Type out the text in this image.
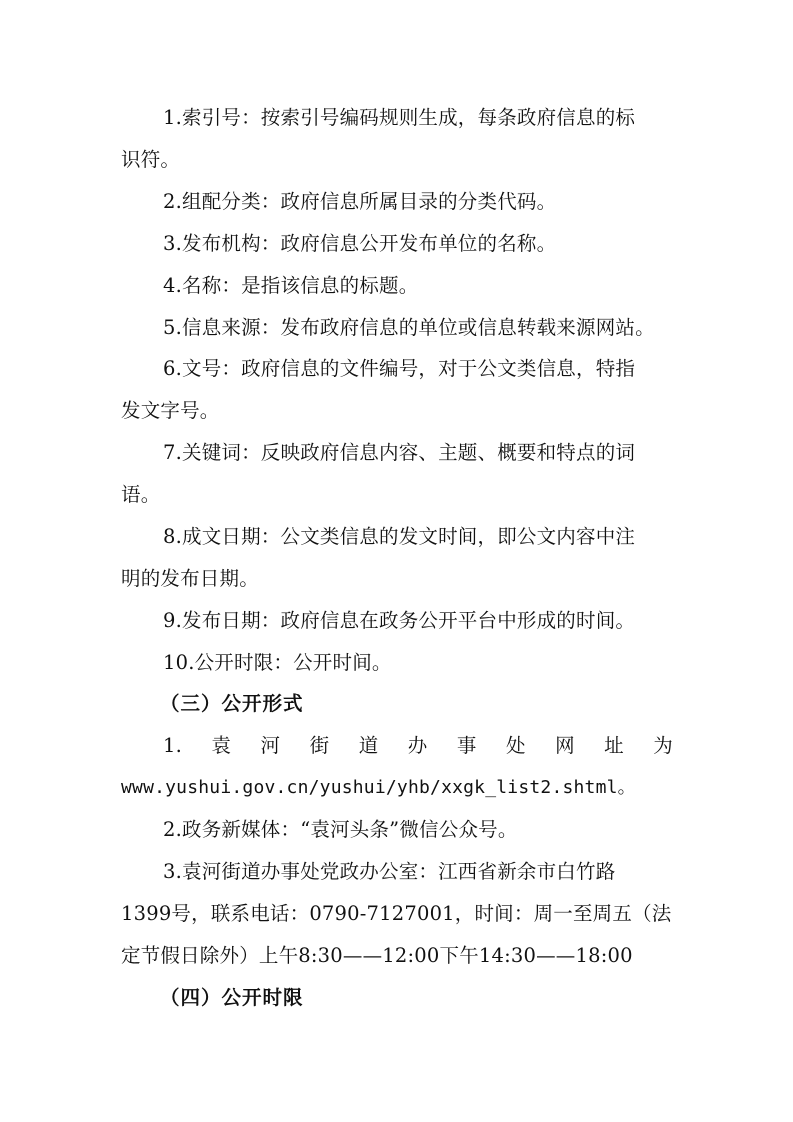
1.索引号：按索引号编码规则生成，每条政府信息的标
识符。
2.组配分类：政府信息所属目录的分类代码。
3.发布机构：政府信息公开发布单位的名称。
4.名称：是指该信息的标题。
5.信息来源：发布政府信息的单位或信息转载来源网站。
6.文号：政府信息的文件编号，对于公文类信息，特指
发文字号。
7.关键词：反映政府信息内容、主题、概要和特点的词
语。
8.成文日期：公文类信息的发文时间，即公文内容中注
明的发布日期。
9.发布日期：政府信息在政务公开平台中形成的时间。
10.公开时限：公开时间。
（三）公开形式
1. 袁 河 街 道 办 事 处 网 址 为
www.yushui.gov.cn/yushui/yhb/xxgk_list2.shtml。
2.政务新媒体：“袁河头条”微信公众号。
3.袁河街道办事处党政办公室：江西省新余市白竹路
1399号，联系电话：0790-7127001，时间：周一至周五（法
定节假日除外）上午8:30——12:00下午14:30——18:00
（四）公开时限
